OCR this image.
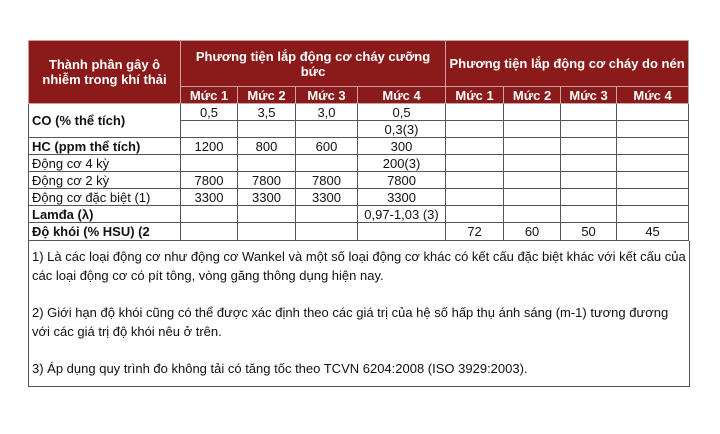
Thành phần gây ô nhiễm trong khí thải	Phương tiện lắp động cơ cháy cưỡng bức				Phương tiện lắp động cơ cháy do nén			
	Mức 1	Mức 2	Mức 3	Mức 4	Mức 1	Mức 2	Mức 3	Mức 4
CO (% thể tích)	0,5	3,5	3,0	0,5				
				0,3(3)				
HC (ppm thể tích)	1200	800	600	300				
Động cơ 4 kỳ				200(3)				
Động cơ 2 kỳ	7800	7800	7800	7800				
Động cơ đặc biệt (1)	3300	3300	3300	3300				
Lamđa (λ)				0,97-1,03 (3)				
Độ khói (% HSU) (2					72	60	50	45

1) Là các loại động cơ như động cơ Wankel và một số loại động cơ khác có kết cấu đặc biệt khác với kết cấu của các loại động cơ có pít tông, vòng găng thông dụng hiện nay.

2) Giới hạn độ khói cũng có thể được xác định theo các giá trị của hệ số hấp thụ ánh sáng (m-1) tương đương với các giá trị độ khói nêu ở trên.

3) Áp dụng quy trình đo không tải có tăng tốc theo TCVN 6204:2008 (ISO 3929:2003).
